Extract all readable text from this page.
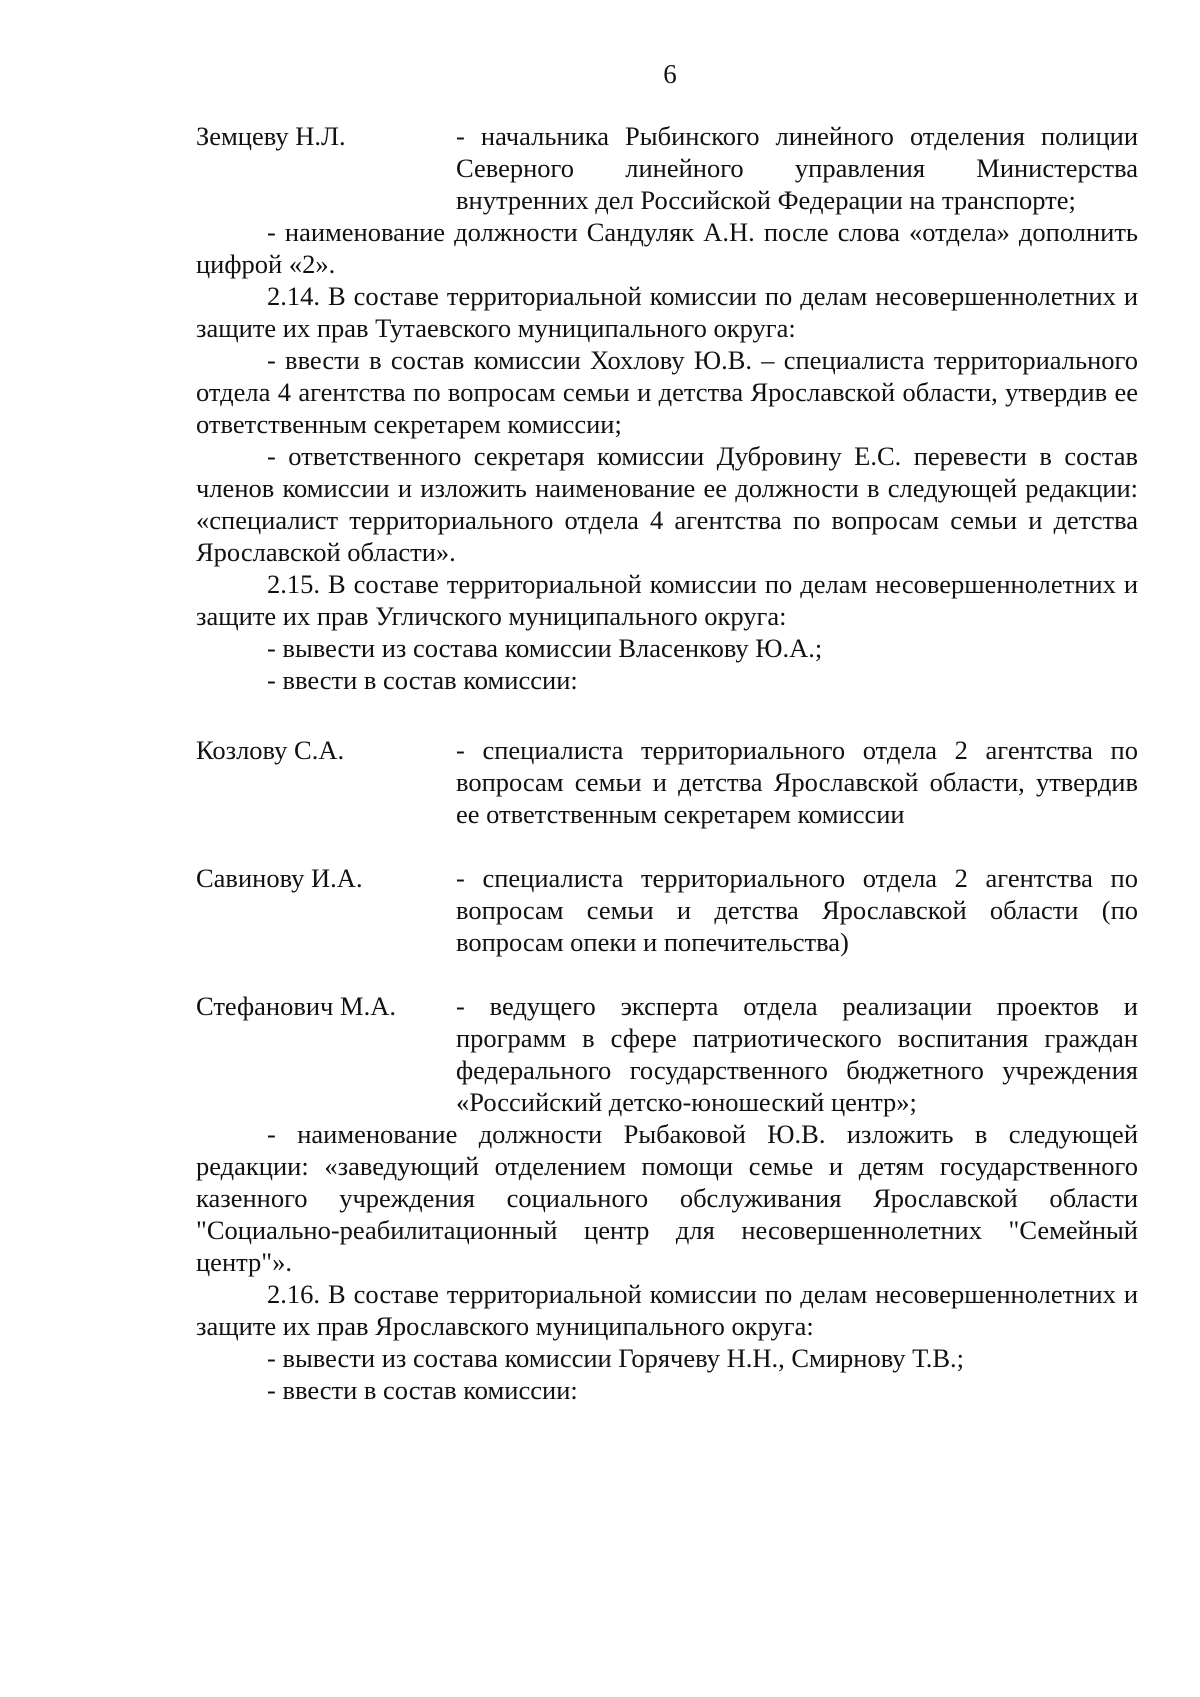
6
Земцеву Н.Л.	- начальника Рыбинского линейного отделения полиции Северного линейного управления Министерства внутренних дел Российской Федерации на транспорте;
- наименование должности Сандуляк А.Н. после слова «отдела» дополнить цифрой «2».
2.14. В составе территориальной комиссии по делам несовершеннолетних и защите их прав Тутаевского муниципального округа:
- ввести в состав комиссии Хохлову Ю.В. – специалиста территориального отдела 4 агентства по вопросам семьи и детства Ярославской области, утвердив ее ответственным секретарем комиссии;
- ответственного секретаря комиссии Дубровину Е.С. перевести в состав членов комиссии и изложить наименование ее должности в следующей редакции: «специалист территориального отдела 4 агентства по вопросам семьи и детства Ярославской области».
2.15. В составе территориальной комиссии по делам несовершеннолетних и защите их прав Угличского муниципального округа:
- вывести из состава комиссии Власенкову Ю.А.;
- ввести в состав комиссии:
Козлову С.А.	- специалиста территориального отдела 2 агентства по вопросам семьи и детства Ярославской области, утвердив ее ответственным секретарем комиссии
Савинову И.А.	- специалиста территориального отдела 2 агентства по вопросам семьи и детства Ярославской области (по вопросам опеки и попечительства)
Стефанович М.А.	- ведущего эксперта отдела реализации проектов и программ в сфере патриотического воспитания граждан федерального государственного бюджетного учреждения «Российский детско-юношеский центр»;
- наименование должности Рыбаковой Ю.В. изложить в следующей редакции: «заведующий отделением помощи семье и детям государственного казенного учреждения социального обслуживания Ярославской области "Социально-реабилитационный центр для несовершеннолетних "Семейный центр"».
2.16. В составе территориальной комиссии по делам несовершеннолетних и защите их прав Ярославского муниципального округа:
- вывести из состава комиссии Горячеву Н.Н., Смирнову Т.В.;
- ввести в состав комиссии:
